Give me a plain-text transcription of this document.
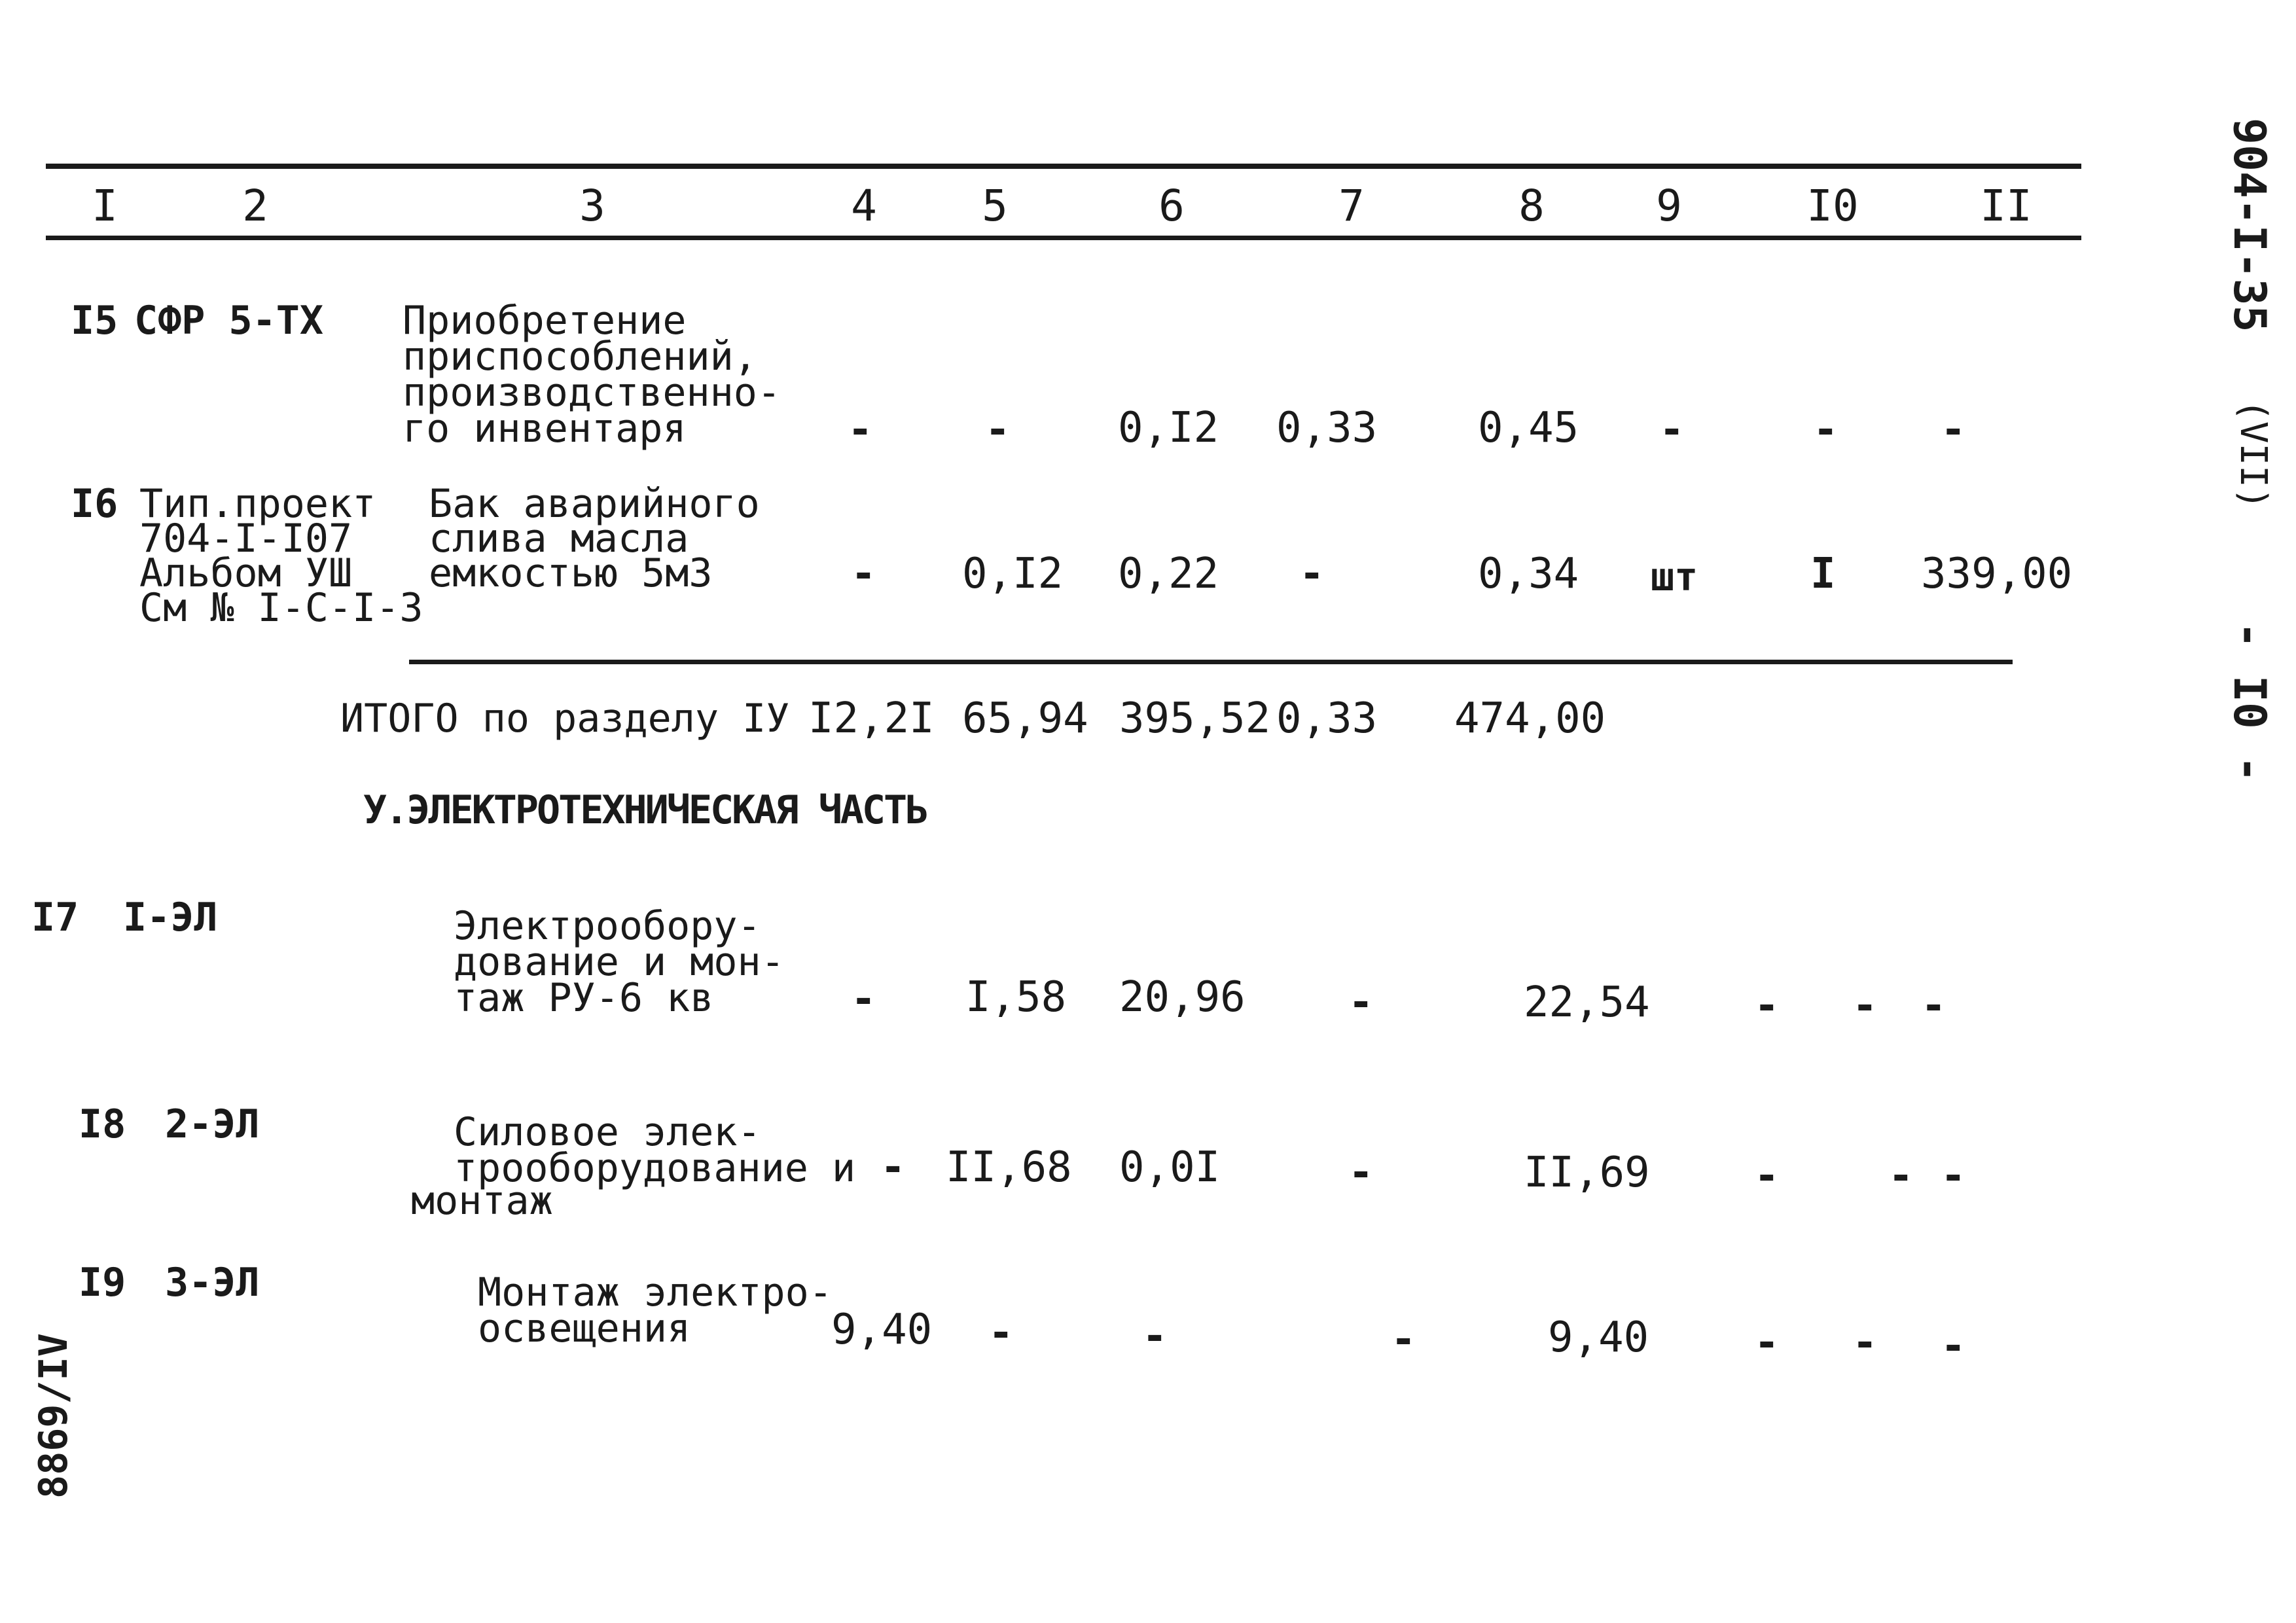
I	2	3	4 5	6	7	8	9	I0	II
I5 СФР 5-ТХ Приобретение
приспособлений,
производственно-
го инвентаря	-	-	0,I2 0,33 0,45 -	- -
I6 Тип.проект
704-I-I07
Альбом УШ
См № I-С-I-3
Бак аварийного
слива масла
емкостью 5м3	- 0,I2 0,22 -	0,34 шт	I 339,00
ИТОГО по разделу IУ I2,2I 65,94 395,52 0,33 474,00
У.ЭЛЕКТРОТЕХНИЧЕСКАЯ ЧАСТЬ
I7 I-ЭЛ	Электрообору-
дование и мон-
таж РУ-6 кв	- I,58 20,96 -	22,54 - - -
I8 2-ЭЛ	Силовое элек-
трооборудование и
монтаж
- II,68 0,0I	-	II,69 -	- -
I9 3-ЭЛ	Монтаж электро-
освещения	9,40 -	-	-	9,40	- - -
904-I-35
(VII)
- I0 -
8869/IV
